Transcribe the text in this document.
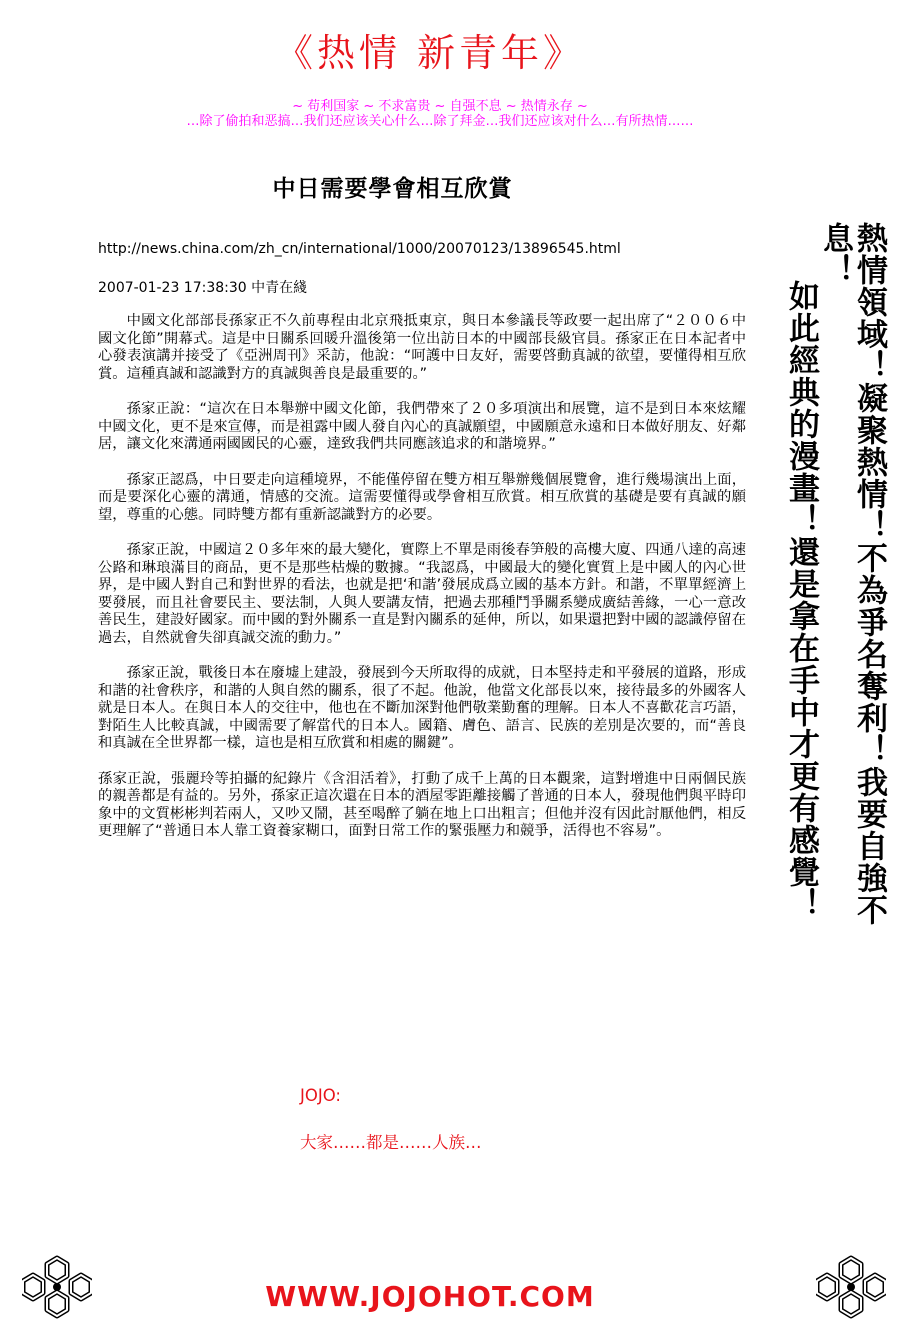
《热情 新青年》
~ 苟利国家 ~ 不求富贵 ~ 自强不息 ~ 热情永存 ~
…除了偷拍和恶搞…我们还应该关心什么…除了拜金…我们还应该对什么…有所热情……
中日需要學會相互欣賞
http://news.china.com/zh_cn/international/1000/20070123/13896545.html
2007-01-23 17:38:30 中青在綫

中國文化部部長孫家正不久前專程由北京飛抵東京，與日本參議長等政要一起出席了“２００６中國文化節”開幕式。這是中日關系回暖升溫後第一位出訪日本的中國部長級官員。孫家正在日本記者中心發表演講并接受了《亞洲周刊》采訪，他說：“呵護中日友好，需要啓動真誠的欲望，要懂得相互欣賞。這種真誠和認識對方的真誠與善良是最重要的。”

孫家正說：“這次在日本舉辦中國文化節，我們帶來了２０多項演出和展覽，這不是到日本來炫耀中國文化，更不是來宣傳，而是祖露中國人發自內心的真誠願望，中國願意永遠和日本做好朋友、好鄰居，讓文化來溝通兩國國民的心靈，達致我們共同應該追求的和諧境界。”

孫家正認爲，中日要走向這種境界，不能僅停留在雙方相互舉辦幾個展覽會，進行幾場演出上面，而是要深化心靈的溝通，情感的交流。這需要懂得或學會相互欣賞。相互欣賞的基礎是要有真誠的願望，尊重的心態。同時雙方都有重新認識對方的必要。

孫家正說，中國這２０多年來的最大變化，實際上不單是雨後春笋般的高樓大廈、四通八達的高速公路和琳琅滿目的商品，更不是那些枯燥的數據。“我認爲，中國最大的變化實質上是中國人的內心世界，是中國人對自己和對世界的看法，也就是把‘和諧’發展成爲立國的基本方針。和諧，不單單經濟上要發展，而且社會要民主、要法制，人與人要講友情，把過去那種鬥爭關系變成廣結善緣，一心一意改善民生，建設好國家。而中國的對外關系一直是對內關系的延伸，所以，如果還把對中國的認識停留在過去，自然就會失卻真誠交流的動力。”

孫家正說，戰後日本在廢墟上建設，發展到今天所取得的成就，日本堅持走和平發展的道路，形成和諧的社會秩序，和諧的人與自然的關系，很了不起。他說，他當文化部長以來，接待最多的外國客人就是日本人。在與日本人的交往中，他也在不斷加深對他們敬業勤奮的理解。日本人不喜歡花言巧語，對陌生人比較真誠，中國需要了解當代的日本人。國籍、膚色、語言、民族的差別是次要的，而“善良和真誠在全世界都一樣，這也是相互欣賞和相處的關鍵”。

孫家正說，張麗玲等拍攝的紀錄片《含泪活着》，打動了成千上萬的日本觀衆，這對增進中日兩個民族的親善都是有益的。另外，孫家正這次還在日本的酒屋零距離接觸了普通的日本人，發現他們與平時印象中的文質彬彬判若兩人，又吵又鬧，甚至喝醉了躺在地上口出粗言；但他并沒有因此討厭他們，相反更理解了“普通日本人靠工資養家糊口，面對日常工作的緊張壓力和競爭，活得也不容易”。	熱情領域！凝聚熱情！不為爭名奪利！我要自強不息！
如此經典的漫畫！還是拿在手中才更有感覺！
JOJO:
大家……都是……人族…
WWW.JOJOHOT.COM
